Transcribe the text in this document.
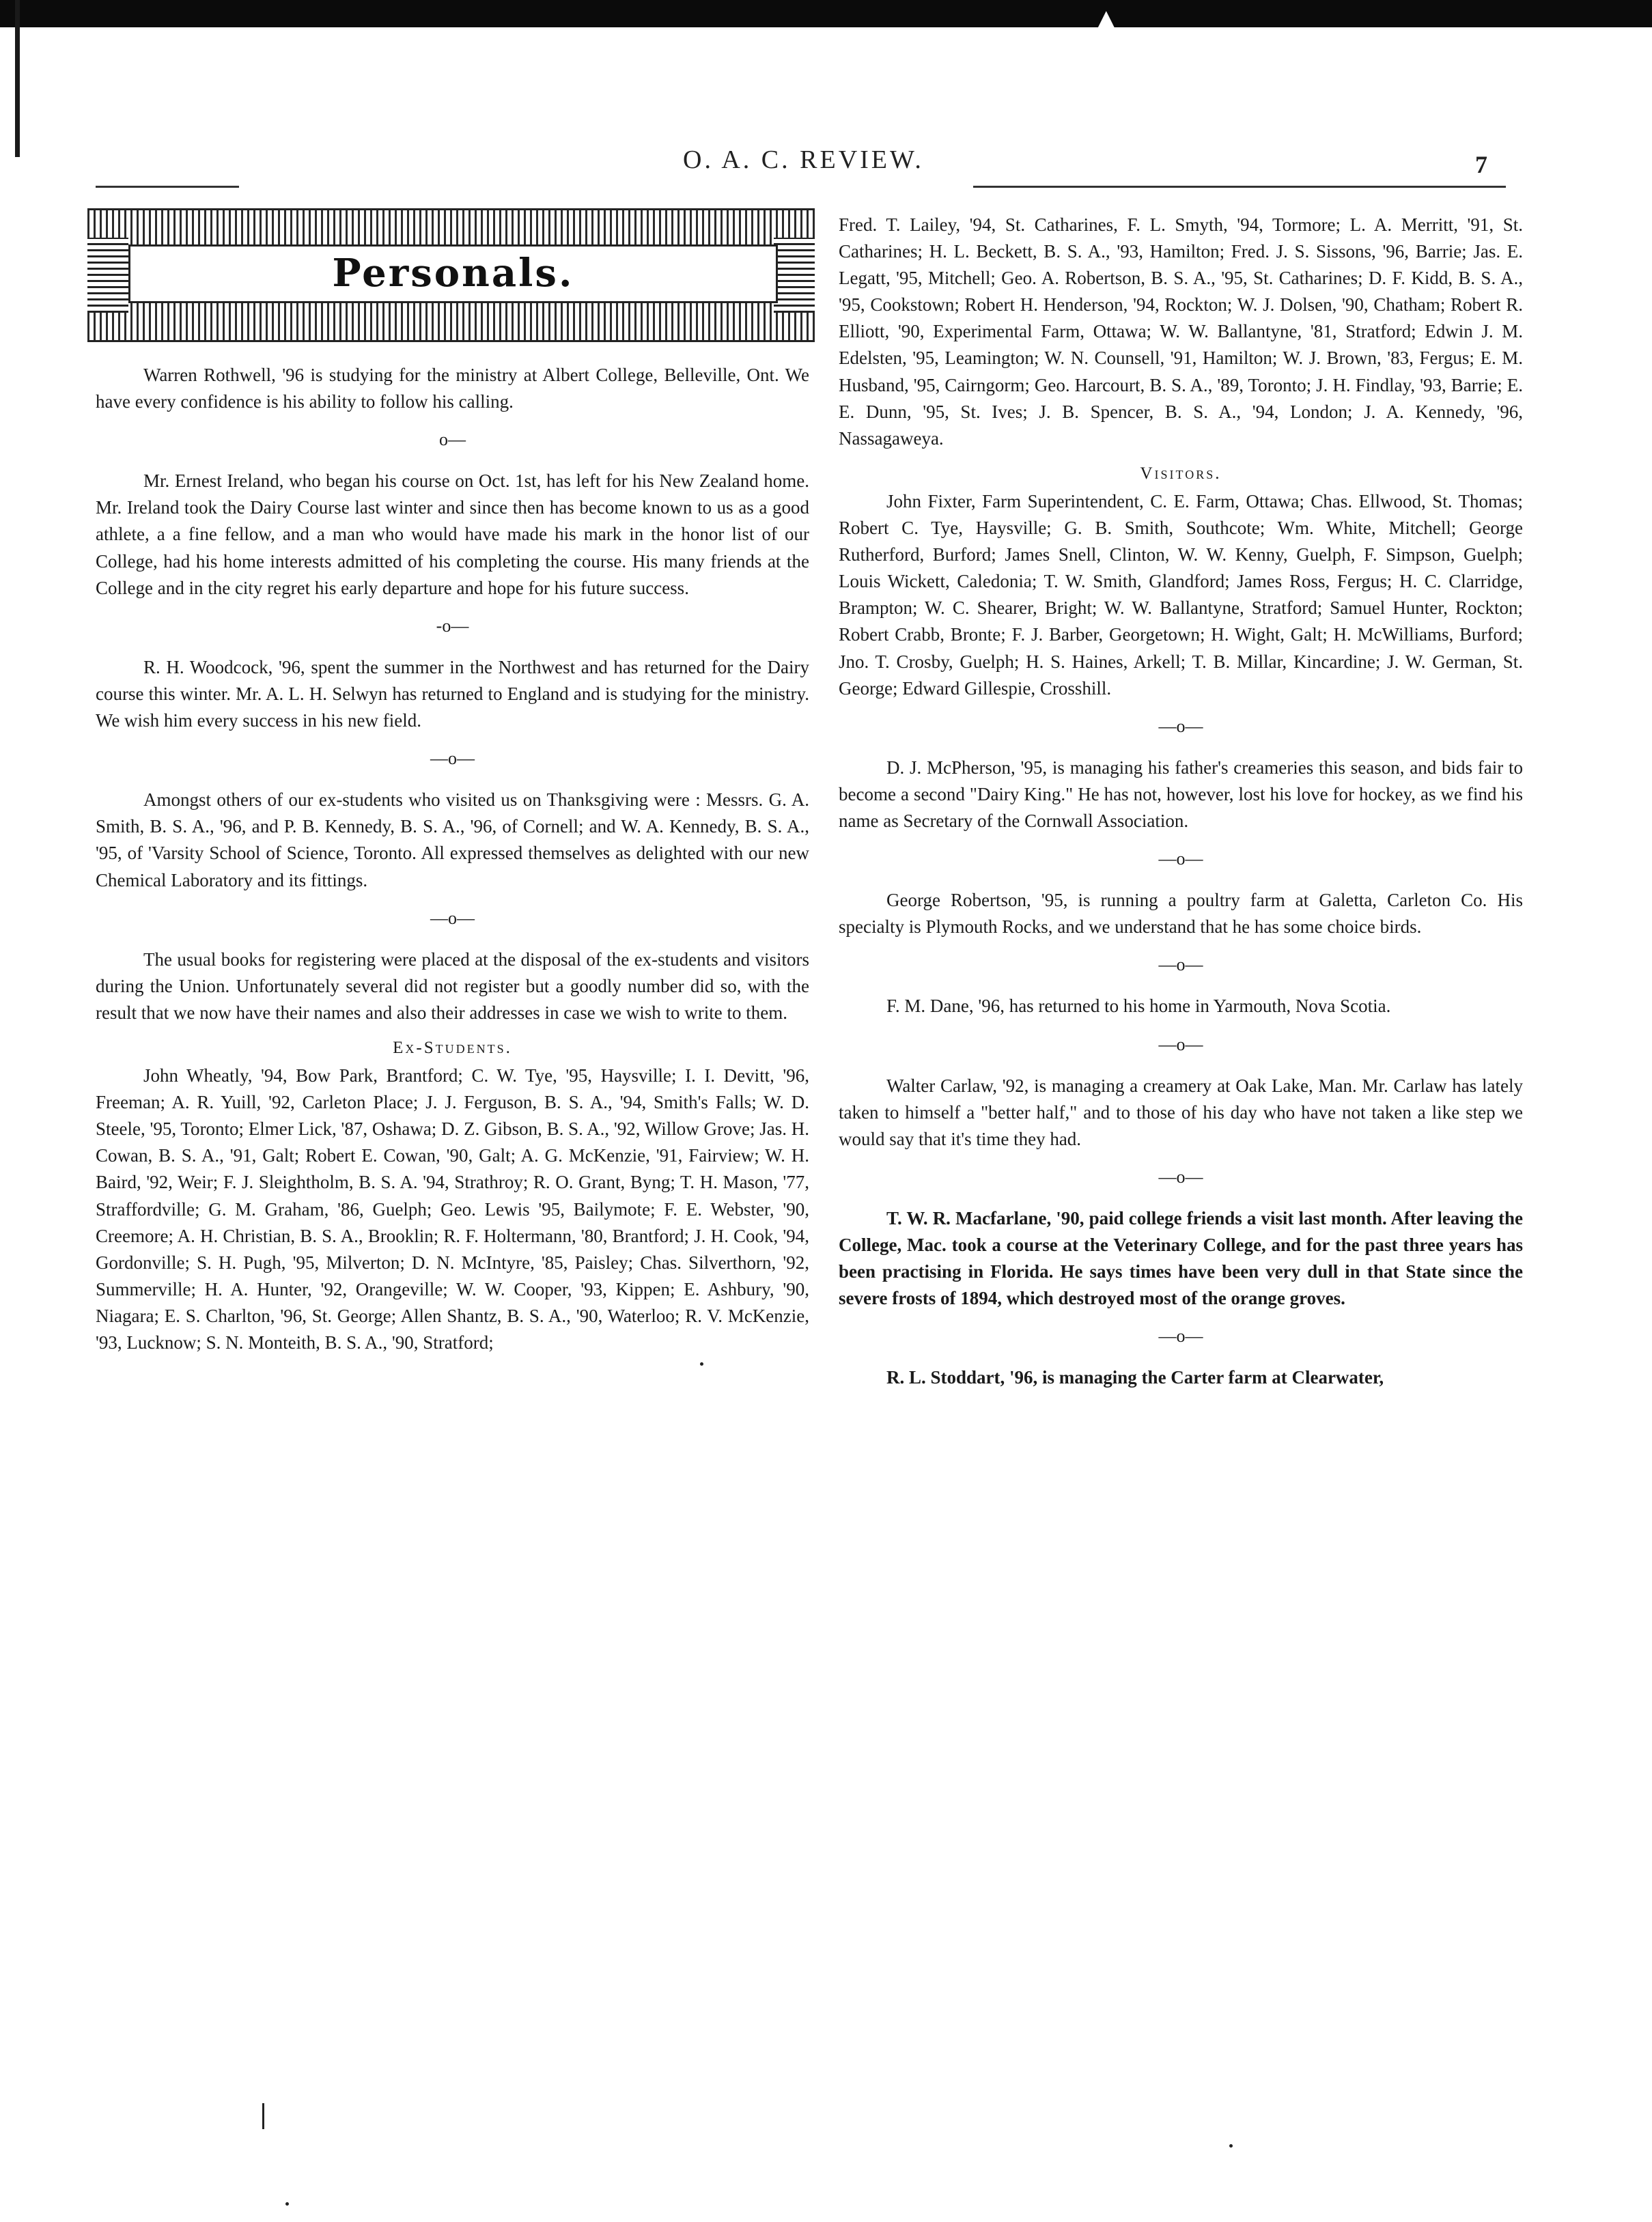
▲
O. A. C. REVIEW.	7
Personals.

Warren Rothwell, '96 is studying for the ministry at Albert College, Belleville, Ont. We have every confidence is his ability to follow his calling.

o—

Mr. Ernest Ireland, who began his course on Oct. 1st, has left for his New Zealand home. Mr. Ireland took the Dairy Course last winter and since then has become known to us as a good athlete, a a fine fellow, and a man who would have made his mark in the honor list of our College, had his home interests admitted of his completing the course. His many friends at the College and in the city regret his early departure and hope for his future success.

-o—

R. H. Woodcock, '96, spent the summer in the Northwest and has returned for the Dairy course this winter. Mr. A. L. H. Selwyn has returned to England and is studying for the ministry. We wish him every success in his new field.

—o—

Amongst others of our ex-students who visited us on Thanksgiving were : Messrs. G. A. Smith, B. S. A., '96, and P. B. Kennedy, B. S. A., '96, of Cornell; and W. A. Kennedy, B. S. A., '95, of 'Varsity School of Science, Toronto. All expressed themselves as delighted with our new Chemical Laboratory and its fittings.

—o—

The usual books for registering were placed at the disposal of the ex-students and visitors during the Union. Unfortunately several did not register but a goodly number did so, with the result that we now have their names and also their addresses in case we wish to write to them.

Ex-Students.

John Wheatly, '94, Bow Park, Brantford; C. W. Tye, '95, Haysville; I. I. Devitt, '96, Freeman; A. R. Yuill, '92, Carleton Place; J. J. Ferguson, B. S. A., '94, Smith's Falls; W. D. Steele, '95, Toronto; Elmer Lick, '87, Oshawa; D. Z. Gibson, B. S. A., '92, Willow Grove; Jas. H. Cowan, B. S. A., '91, Galt; Robert E. Cowan, '90, Galt; A. G. McKenzie, '91, Fairview; W. H. Baird, '92, Weir; F. J. Sleightholm, B. S. A. '94, Strathroy; R. O. Grant, Byng; T. H. Mason, '77, Straffordville; G. M. Graham, '86, Guelph; Geo. Lewis '95, Bailymote; F. E. Webster, '90, Creemore; A. H. Christian, B. S. A., Brooklin; R. F. Holtermann, '80, Brantford; J. H. Cook, '94, Gordonville; S. H. Pugh, '95, Milverton; D. N. McIntyre, '85, Paisley; Chas. Silverthorn, '92, Summerville; H. A. Hunter, '92, Orangeville; W. W. Cooper, '93, Kippen; E. Ashbury, '90, Niagara; E. S. Charlton, '96, St. George; Allen Shantz, B. S. A., '90, Waterloo; R. V. McKenzie, '93, Lucknow; S. N. Monteith, B. S. A., '90, Stratford;

Fred. T. Lailey, '94, St. Catharines, F. L. Smyth, '94, Tormore; L. A. Merritt, '91, St. Catharines; H. L. Beckett, B. S. A., '93, Hamilton; Fred. J. S. Sissons, '96, Barrie; Jas. E. Legatt, '95, Mitchell; Geo. A. Robertson, B. S. A., '95, St. Catharines; D. F. Kidd, B. S. A., '95, Cookstown; Robert H. Henderson, '94, Rockton; W. J. Dolsen, '90, Chatham; Robert R. Elliott, '90, Experimental Farm, Ottawa; W. W. Ballantyne, '81, Stratford; Edwin J. M. Edelsten, '95, Leamington; W. N. Counsell, '91, Hamilton; W. J. Brown, '83, Fergus; E. M. Husband, '95, Cairngorm; Geo. Harcourt, B. S. A., '89, Toronto; J. H. Findlay, '93, Barrie; E. E. Dunn, '95, St. Ives; J. B. Spencer, B. S. A., '94, London; J. A. Kennedy, '96, Nassagaweya.

Visitors.

John Fixter, Farm Superintendent, C. E. Farm, Ottawa; Chas. Ellwood, St. Thomas; Robert C. Tye, Haysville; G. B. Smith, Southcote; Wm. White, Mitchell; George Rutherford, Burford; James Snell, Clinton, W. W. Kenny, Guelph, F. Simpson, Guelph; Louis Wickett, Caledonia; T. W. Smith, Glandford; James Ross, Fergus; H. C. Clarridge, Brampton; W. C. Shearer, Bright; W. W. Ballantyne, Stratford; Samuel Hunter, Rockton; Robert Crabb, Bronte; F. J. Barber, Georgetown; H. Wight, Galt; H. McWilliams, Burford; Jno. T. Crosby, Guelph; H. S. Haines, Arkell; T. B. Millar, Kincardine; J. W. German, St. George; Edward Gillespie, Crosshill.

—o—

D. J. McPherson, '95, is managing his father's creameries this season, and bids fair to become a second "Dairy King." He has not, however, lost his love for hockey, as we find his name as Secretary of the Cornwall Association.

—o—

George Robertson, '95, is running a poultry farm at Galetta, Carleton Co. His specialty is Plymouth Rocks, and we understand that he has some choice birds.

—o—

F. M. Dane, '96, has returned to his home in Yarmouth, Nova Scotia.

—o—

Walter Carlaw, '92, is managing a creamery at Oak Lake, Man. Mr. Carlaw has lately taken to himself a "better half," and to those of his day who have not taken a like step we would say that it's time they had.

—o—

T. W. R. Macfarlane, '90, paid college friends a visit last month. After leaving the College, Mac. took a course at the Veterinary College, and for the past three years has been practising in Florida. He says times have been very dull in that State since the severe frosts of 1894, which destroyed most of the orange groves.

—o—

R. L. Stoddart, '96, is managing the Carter farm at Clearwater,
